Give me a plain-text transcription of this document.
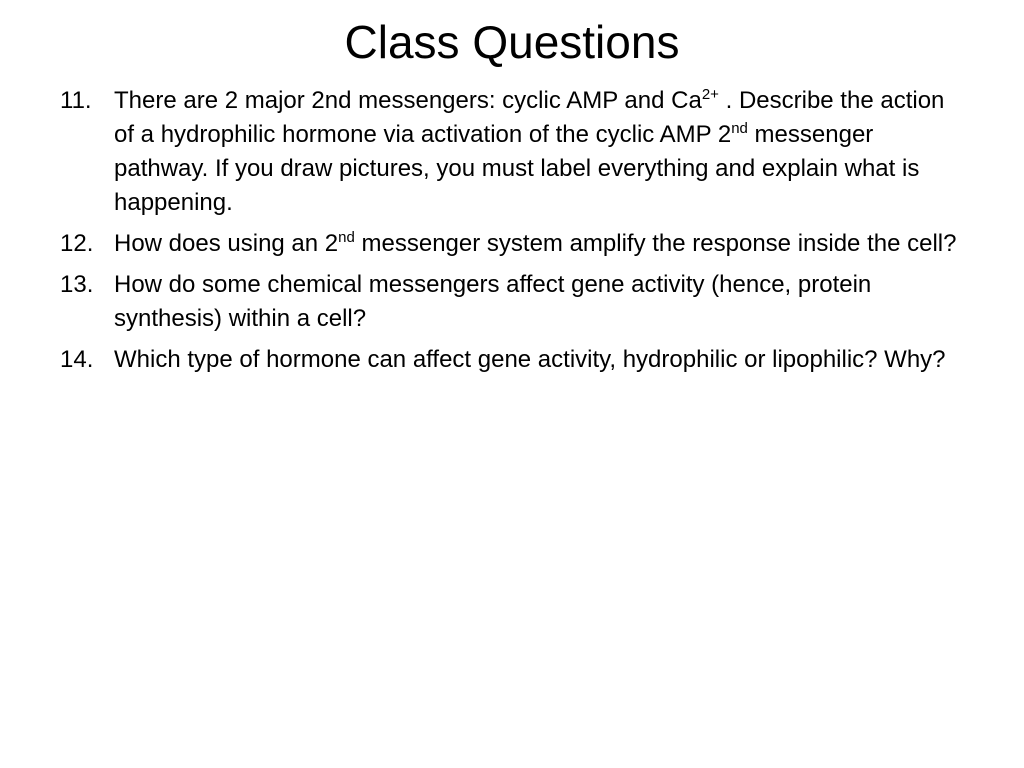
Class Questions
11. There are 2 major 2nd messengers: cyclic AMP and $Ca^{2+}$ . Describe the action of a hydrophilic hormone via activation of the cyclic AMP 2nd messenger pathway. If you draw pictures, you must label everything and explain what is happening.
12. How does using an 2nd messenger system amplify the response inside the cell?
13. How do some chemical messengers affect gene activity (hence, protein synthesis) within a cell?
14. Which type of hormone can affect gene activity, hydrophilic or lipophilic? Why?
